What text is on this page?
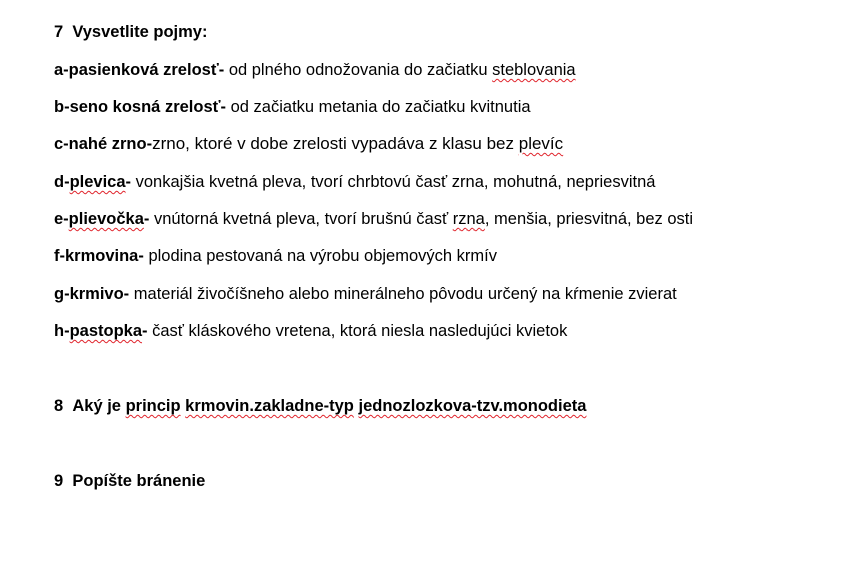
7 Vysvetlite pojmy:
a-pasienková zrelosť- od plného odnožovania do začiatku steblovania
b-seno kosná zrelosť- od začiatku metania do začiatku kvitnutia
c-nahé zrno-zrno, ktoré v dobe zrelosti vypadáva z klasu bez plevíc
d-plevica- vonkajšia kvetná pleva, tvorí chrbtovú časť zrna, mohutná, nepriesvitná
e-plievočka- vnútorná kvetná pleva, tvorí brušnú časť rzna, menšia, priesvitná, bez osti
f-krmovina- plodina pestovaná na výrobu objemových krmív
g-krmivo- materiál živočíšneho alebo minerálneho pôvodu určený na kŕmenie zvierat
h-pastopka- časť kláskového vretena, ktorá niesla nasledujúci kvietok
8 Aký je princip krmovin.zakladne-typ jednozlozkova-tzv.monodieta
9 Popíšte bránenie
